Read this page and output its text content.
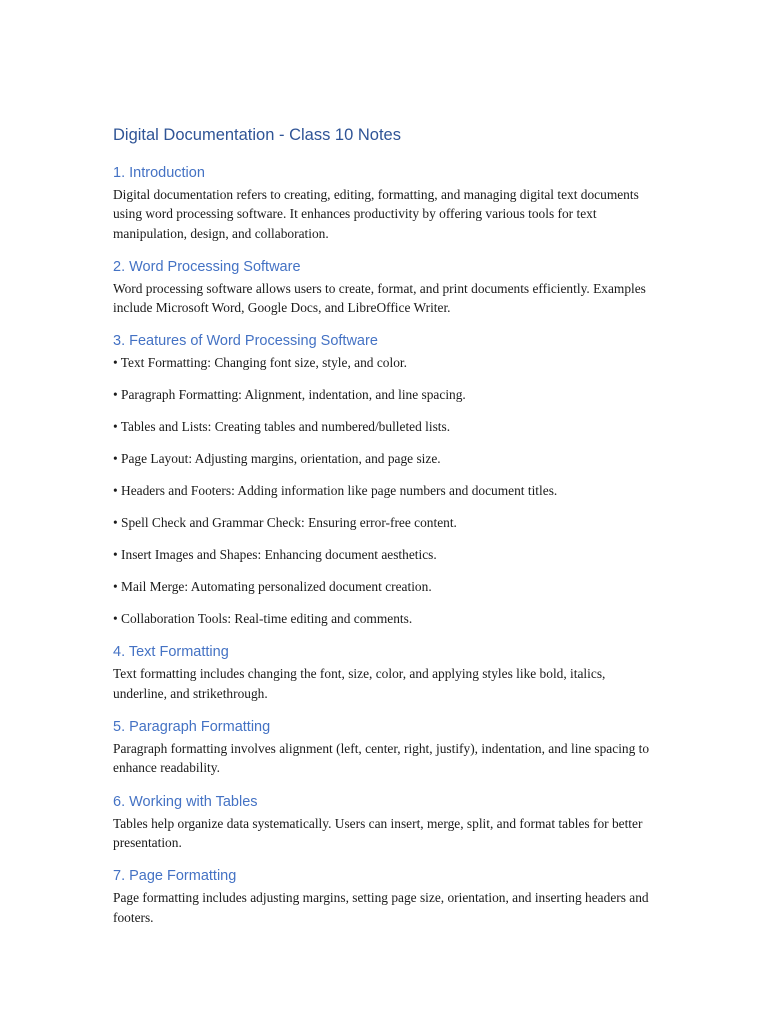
Digital Documentation - Class 10 Notes
1. Introduction

Digital documentation refers to creating, editing, formatting, and managing digital text documents using word processing software. It enhances productivity by offering various tools for text manipulation, design, and collaboration.

2. Word Processing Software

Word processing software allows users to create, format, and print documents efficiently. Examples include Microsoft Word, Google Docs, and LibreOffice Writer.

3. Features of Word Processing Software

• Text Formatting: Changing font size, style, and color.

• Paragraph Formatting: Alignment, indentation, and line spacing.

• Tables and Lists: Creating tables and numbered/bulleted lists.

• Page Layout: Adjusting margins, orientation, and page size.

• Headers and Footers: Adding information like page numbers and document titles.

• Spell Check and Grammar Check: Ensuring error-free content.

• Insert Images and Shapes: Enhancing document aesthetics.

• Mail Merge: Automating personalized document creation.

• Collaboration Tools: Real-time editing and comments.

4. Text Formatting

Text formatting includes changing the font, size, color, and applying styles like bold, italics, underline, and strikethrough.

5. Paragraph Formatting

Paragraph formatting involves alignment (left, center, right, justify), indentation, and line spacing to enhance readability.

6. Working with Tables

Tables help organize data systematically. Users can insert, merge, split, and format tables for better presentation.

7. Page Formatting

Page formatting includes adjusting margins, setting page size, orientation, and inserting headers and footers.
